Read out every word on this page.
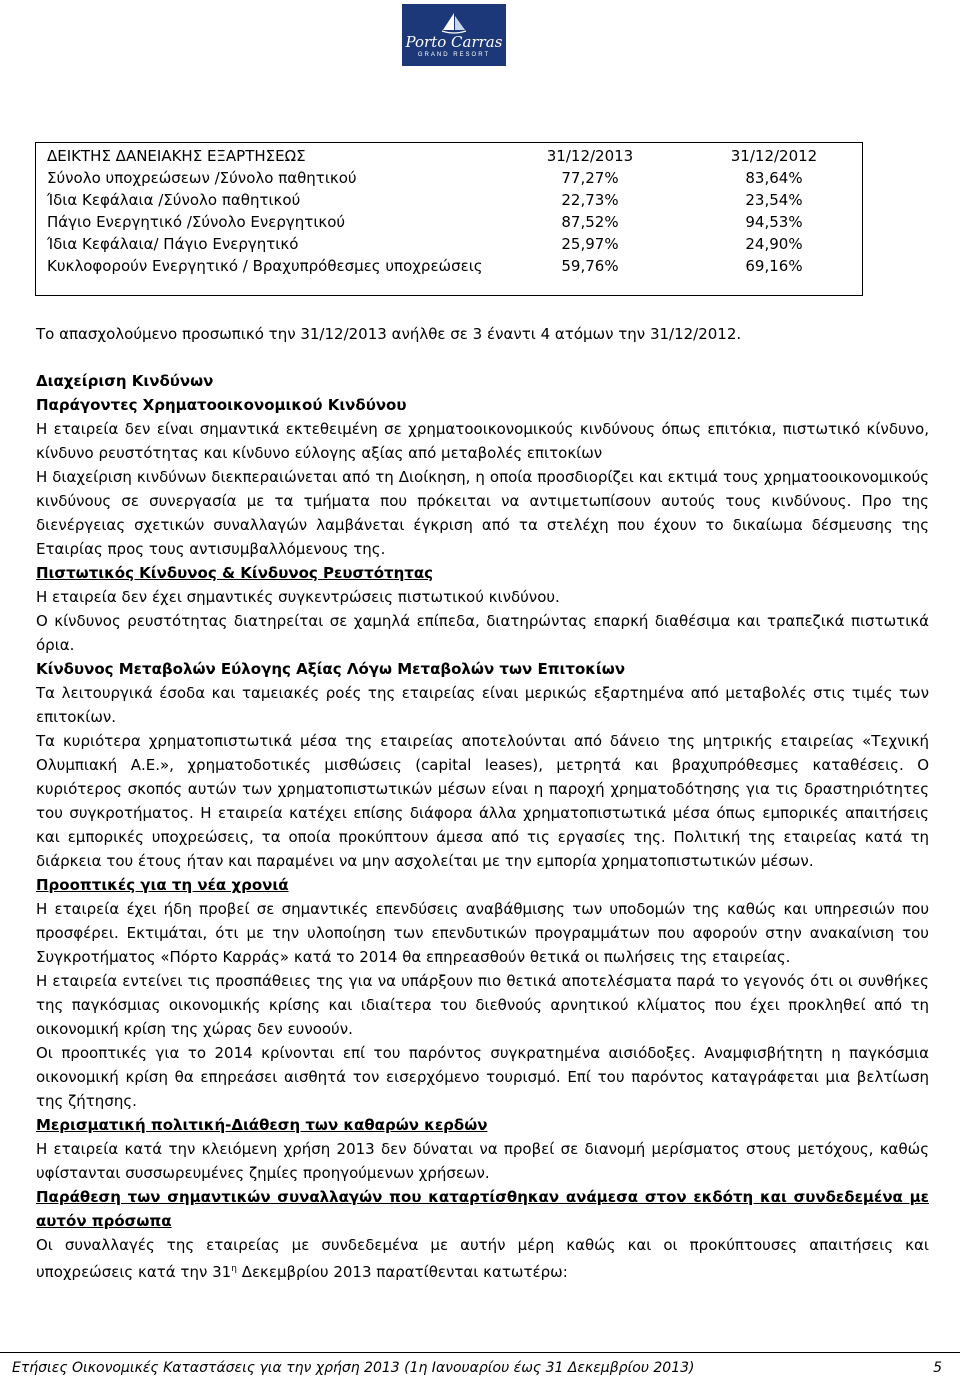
Porto Carras
GRAND RESORT
ΔΕΙΚΤΗΣ ΔΑΝΕΙΑΚΗΣ ΕΞΑΡΤΗΣΕΩΣ	31/12/2013	31/12/2012
Σύνολο υποχρεώσεων /Σύνολο παθητικού	77,27%	83,64%
Ίδια Κεφάλαια /Σύνολο παθητικού	22,73%	23,54%
Πάγιο Ενεργητικό /Σύνολο Ενεργητικού	87,52%	94,53%
Ίδια Κεφάλαια/ Πάγιο Ενεργητικό	25,97%	24,90%
Κυκλοφορούν Ενεργητικό / Βραχυπρόθεσμες υποχρεώσεις	59,76%	69,16%

Το απασχολούμενο προσωπικό την 31/12/2013 ανήλθε σε 3 έναντι 4 ατόμων την 31/12/2012.

Διαχείριση Κινδύνων

Παράγοντες Χρηματοοικονομικού Κινδύνου

Η εταιρεία δεν είναι σημαντικά εκτεθειμένη σε χρηματοοικονομικούς κινδύνους όπως επιτόκια, πιστωτικό κίνδυνο, κίνδυνο ρευστότητας και κίνδυνο εύλογης αξίας από μεταβολές επιτοκίων

Η διαχείριση κινδύνων διεκπεραιώνεται από τη Διοίκηση, η οποία προσδιορίζει και εκτιμά τους χρηματοοικονομικούς κινδύνους σε συνεργασία με τα τμήματα που πρόκειται να αντιμετωπίσουν αυτούς τους κινδύνους. Προ της διενέργειας σχετικών συναλλαγών λαμβάνεται έγκριση από τα στελέχη που έχουν το δικαίωμα δέσμευσης της Εταιρίας προς τους αντισυμβαλλόμενους της.

Πιστωτικός Κίνδυνος & Κίνδυνος Ρευστότητας

Η εταιρεία δεν έχει σημαντικές συγκεντρώσεις πιστωτικού κινδύνου.

Ο κίνδυνος ρευστότητας διατηρείται σε χαμηλά επίπεδα, διατηρώντας επαρκή διαθέσιμα και τραπεζικά πιστωτικά όρια.

Κίνδυνος Μεταβολών Εύλογης Αξίας Λόγω Μεταβολών των Επιτοκίων

Τα λειτουργικά έσοδα και ταμειακές ροές της εταιρείας είναι μερικώς εξαρτημένα από μεταβολές στις τιμές των επιτοκίων.

Τα κυριότερα χρηματοπιστωτικά μέσα της εταιρείας αποτελούνται από δάνειο της μητρικής εταιρείας «Τεχνική Ολυμπιακή Α.Ε.», χρηματοδοτικές μισθώσεις (capital leases), μετρητά και βραχυπρόθεσμες καταθέσεις. Ο κυριότερος σκοπός αυτών των χρηματοπιστωτικών μέσων είναι η παροχή χρηματοδότησης για τις δραστηριότητες του συγκροτήματος. Η εταιρεία κατέχει επίσης διάφορα άλλα χρηματοπιστωτικά μέσα όπως εμπορικές απαιτήσεις και εμπορικές υποχρεώσεις, τα οποία προκύπτουν άμεσα από τις εργασίες της. Πολιτική της εταιρείας κατά τη διάρκεια του έτους ήταν και παραμένει να μην ασχολείται με την εμπορία χρηματοπιστωτικών μέσων.

Προοπτικές για τη νέα χρονιά

Η εταιρεία έχει ήδη προβεί σε σημαντικές επενδύσεις αναβάθμισης των υποδομών της καθώς και υπηρεσιών που προσφέρει. Εκτιμάται, ότι με την υλοποίηση των επενδυτικών προγραμμάτων που αφορούν στην ανακαίνιση του Συγκροτήματος «Πόρτο Καρράς» κατά το 2014 θα επηρεασθούν θετικά οι πωλήσεις της εταιρείας.

Η εταιρεία εντείνει τις προσπάθειες της για να υπάρξουν πιο θετικά αποτελέσματα παρά το γεγονός ότι οι συνθήκες της παγκόσμιας οικονομικής κρίσης και ιδιαίτερα του διεθνούς αρνητικού κλίματος που έχει προκληθεί από τη οικονομική κρίση της χώρας δεν ευνοούν.

Οι προοπτικές για το 2014 κρίνονται επί του παρόντος συγκρατημένα αισιόδοξες. Αναμφισβήτητη η παγκόσμια οικονομική κρίση θα επηρεάσει αισθητά τον εισερχόμενο τουρισμό. Επί του παρόντος καταγράφεται μια βελτίωση της ζήτησης.

Μερισματική πολιτική-Διάθεση των καθαρών κερδών

Η εταιρεία κατά την κλειόμενη χρήση 2013 δεν δύναται να προβεί σε διανομή μερίσματος στους μετόχους, καθώς υφίστανται συσσωρευμένες ζημίες προηγούμενων χρήσεων.

Παράθεση των σημαντικών συναλλαγών που καταρτίσθηκαν ανάμεσα στον εκδότη και συνδεδεμένα με αυτόν πρόσωπα

Οι συναλλαγές της εταιρείας με συνδεδεμένα με αυτήν μέρη καθώς και οι προκύπτουσες απαιτήσεις και υποχρεώσεις κατά την $31^\eta$ Δεκεμβρίου 2013 παρατίθενται κατωτέρω:

Ετήσιες Οικονομικές Καταστάσεις για την χρήση 2013 (1η Ιανουαρίου έως 31 Δεκεμβρίου 2013)	5
